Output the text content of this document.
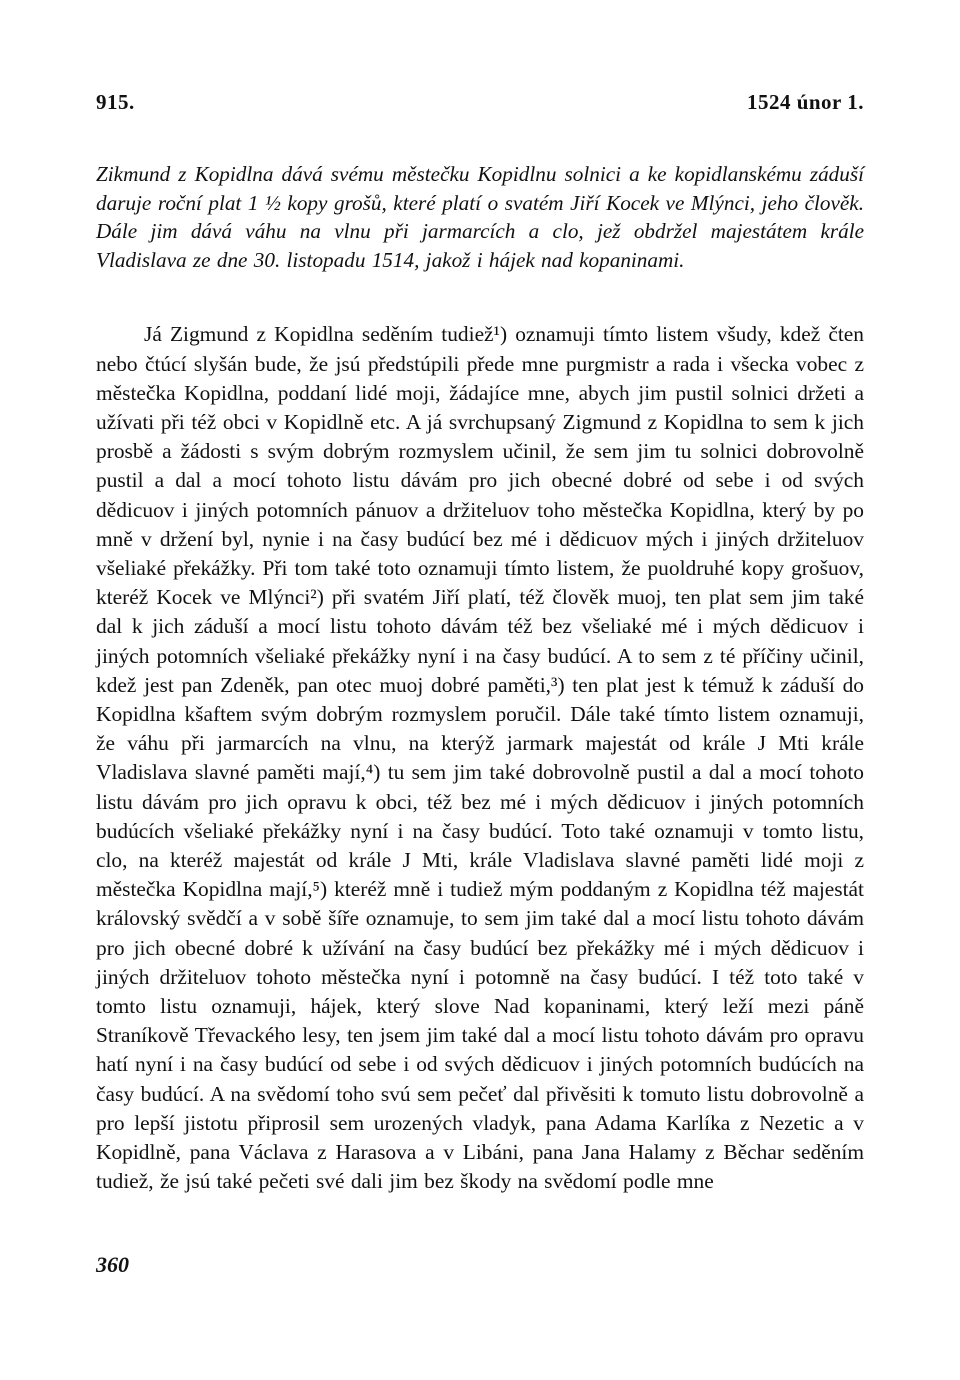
915.	1524 únor 1.

Zikmund z Kopidlna dává svému městečku Kopidlnu solnici a ke kopidlanskému záduší daruje roční plat 1 ½ kopy grošů, které platí o svatém Jiří Kocek ve Mlýnci, jeho člověk. Dále jim dává váhu na vlnu při jarmarcích a clo, jež obdržel majestátem krále Vladislava ze dne 30. listopadu 1514, jakož i hájek nad kopaninami.

Já Zigmund z Kopidlna seděním tudiež¹) oznamuji tímto listem všudy, kdež čten nebo čtúcí slyšán bude, že jsú předstúpili přede mne purgmistr a rada i všecka vobec z městečka Kopidlna, poddaní lidé moji, žádajíce mne, abych jim pustil solnici držeti a užívati při též obci v Kopidlně etc. A já svrchupsaný Zigmund z Kopidlna to sem k jich prosbě a žádosti s svým dobrým rozmyslem učinil, že sem jim tu solnici dobrovolně pustil a dal a mocí tohoto listu dávám pro jich obecné dobré od sebe i od svých dědicuov i jiných potomních pánuov a držiteluov toho městečka Kopidlna, který by po mně v držení byl, nynie i na časy budúcí bez mé i dědicuov mých i jiných držiteluov všeliaké překážky. Při tom také toto oznamuji tímto listem, že puoldruhé kopy grošuov, kteréž Kocek ve Mlýnci²) při svatém Jiří platí, též člověk muoj, ten plat sem jim také dal k jich záduší a mocí listu tohoto dávám též bez všeliaké mé i mých dědicuov i jiných potomních všeliaké překážky nyní i na časy budúcí. A to sem z té příčiny učinil, kdež jest pan Zdeněk, pan otec muoj dobré paměti,³) ten plat jest k témuž k záduší do Kopidlna kšaftem svým dobrým rozmyslem poručil. Dále také tímto listem oznamuji, že váhu při jarmarcích na vlnu, na kterýž jarmark majestát od krále J Mti krále Vladislava slavné paměti mají,⁴) tu sem jim také dobrovolně pustil a dal a mocí tohoto listu dávám pro jich opravu k obci, též bez mé i mých dědicuov i jiných potomních budúcích všeliaké překážky nyní i na časy budúcí. Toto také oznamuji v tomto listu, clo, na kteréž majestát od krále J Mti, krále Vladislava slavné paměti lidé moji z městečka Kopidlna mají,⁵) kteréž mně i tudiež mým poddaným z Kopidlna též majestát královský svědčí a v sobě šíře oznamuje, to sem jim také dal a mocí listu tohoto dávám pro jich obecné dobré k užívání na časy budúcí bez překážky mé i mých dědicuov i jiných držiteluov tohoto městečka nyní i potomně na časy budúcí. I též toto také v tomto listu oznamuji, hájek, který slove Nad kopaninami, který leží mezi páně Straníkově Třevackého lesy, ten jsem jim také dal a mocí listu tohoto dávám pro opravu hatí nyní i na časy budúcí od sebe i od svých dědicuov i jiných potomních budúcích na časy budúcí. A na svědomí toho svú sem pečeť dal přivěsiti k tomuto listu dobrovolně a pro lepší jistotu připrosil sem urozených vladyk, pana Adama Karlíka z Nezetic a v Kopidlně, pana Václava z Harasova a v Libáni, pana Jana Halamy z Běchar seděním tudiež, že jsú také pečeti své dali jim bez škody na svědomí podle mne

360
